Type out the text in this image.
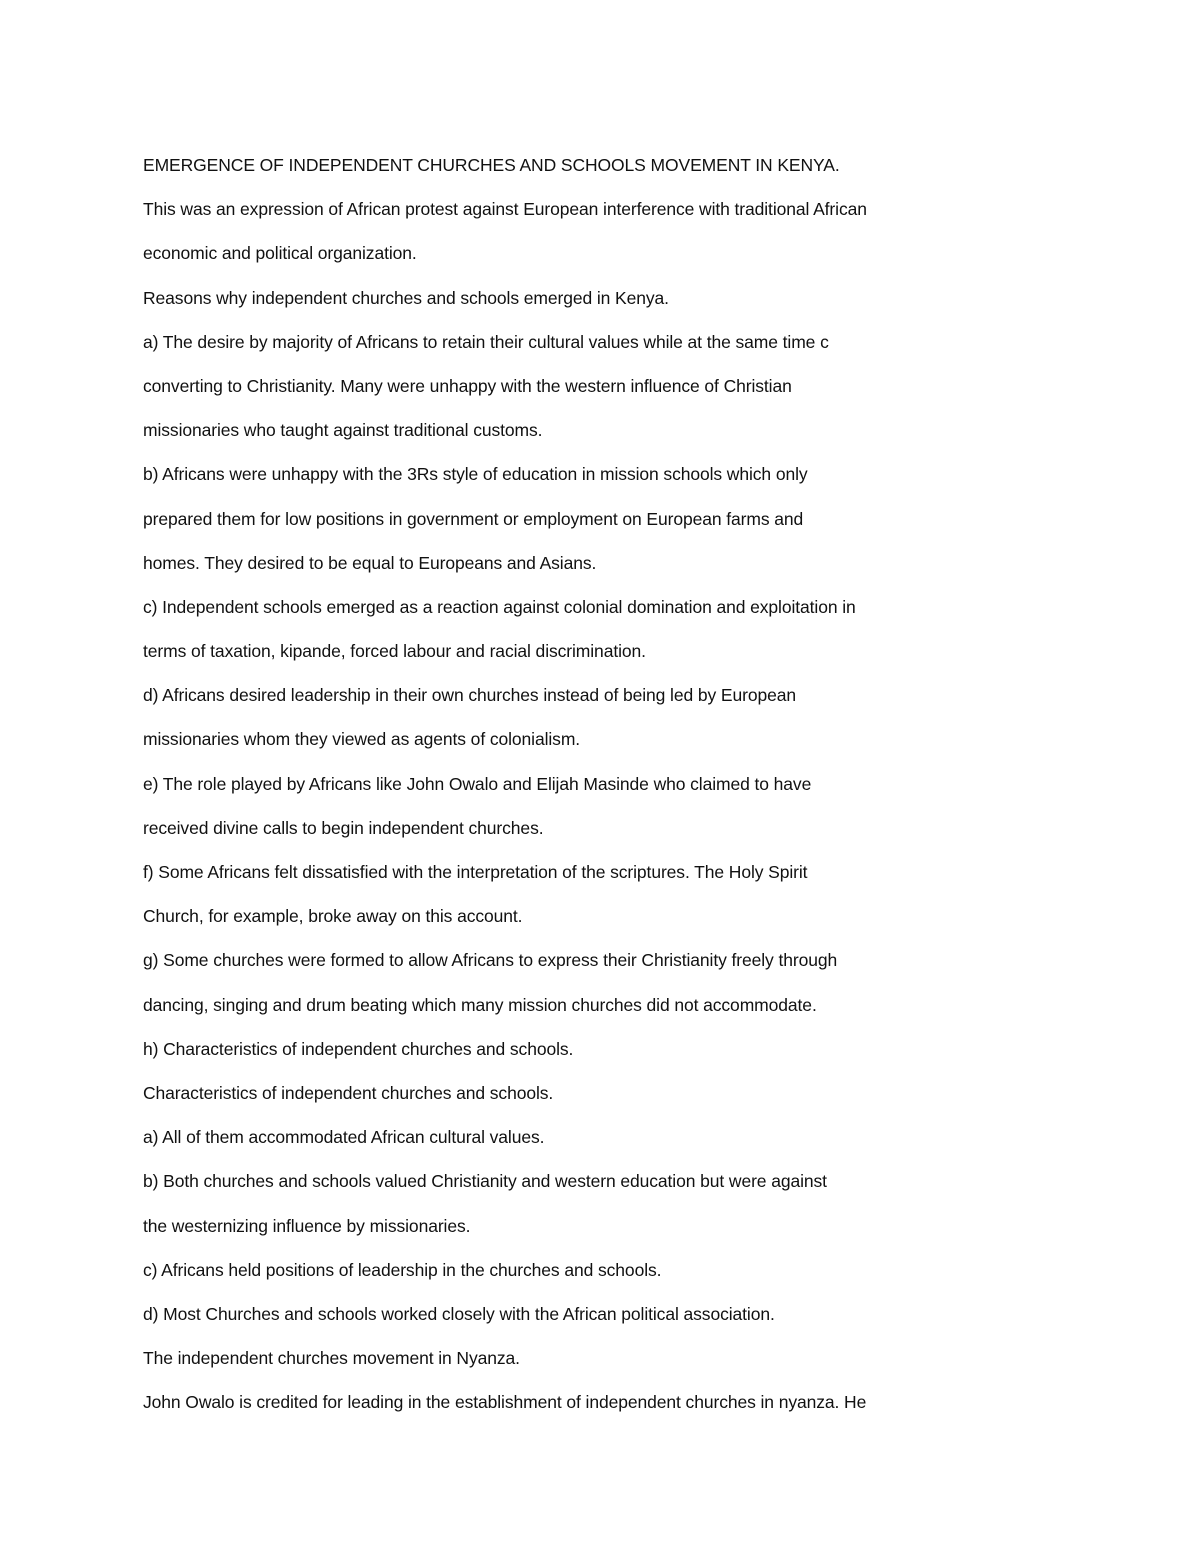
EMERGENCE OF INDEPENDENT CHURCHES AND SCHOOLS MOVEMENT IN KENYA.
This was an expression of African protest against European interference with traditional African
economic and political organization.
Reasons why independent churches and schools emerged in Kenya.
a) The desire by majority of Africans to retain their cultural values while at the same time c
converting to Christianity. Many were unhappy with the western influence of Christian
missionaries who taught against traditional customs.
b) Africans were unhappy with the 3Rs style of education in mission schools which only
prepared them for low positions in government or employment on European farms and
homes. They desired to be equal to Europeans and Asians.
c) Independent schools emerged as a reaction against colonial domination and exploitation in
terms of taxation, kipande, forced labour and racial discrimination.
d) Africans desired leadership in their own churches instead of being led by European
missionaries whom they viewed as agents of colonialism.
e) The role played by Africans like John Owalo and Elijah Masinde who claimed to have
received divine calls to begin independent churches.
f) Some Africans felt dissatisfied with the interpretation of the scriptures. The Holy Spirit
Church, for example, broke away on this account.
g) Some churches were formed to allow Africans to express their Christianity freely through
dancing, singing and drum beating which many mission churches did not accommodate.
h) Characteristics of independent churches and schools.
Characteristics of independent churches and schools.
a) All of them accommodated African cultural values.
b) Both churches and schools valued Christianity and western education but were against
the westernizing influence by missionaries.
c) Africans held positions of leadership in the churches and schools.
d) Most Churches and schools worked closely with the African political association.
The independent churches movement in Nyanza.
John Owalo is credited for leading in the establishment of independent churches in nyanza. He
